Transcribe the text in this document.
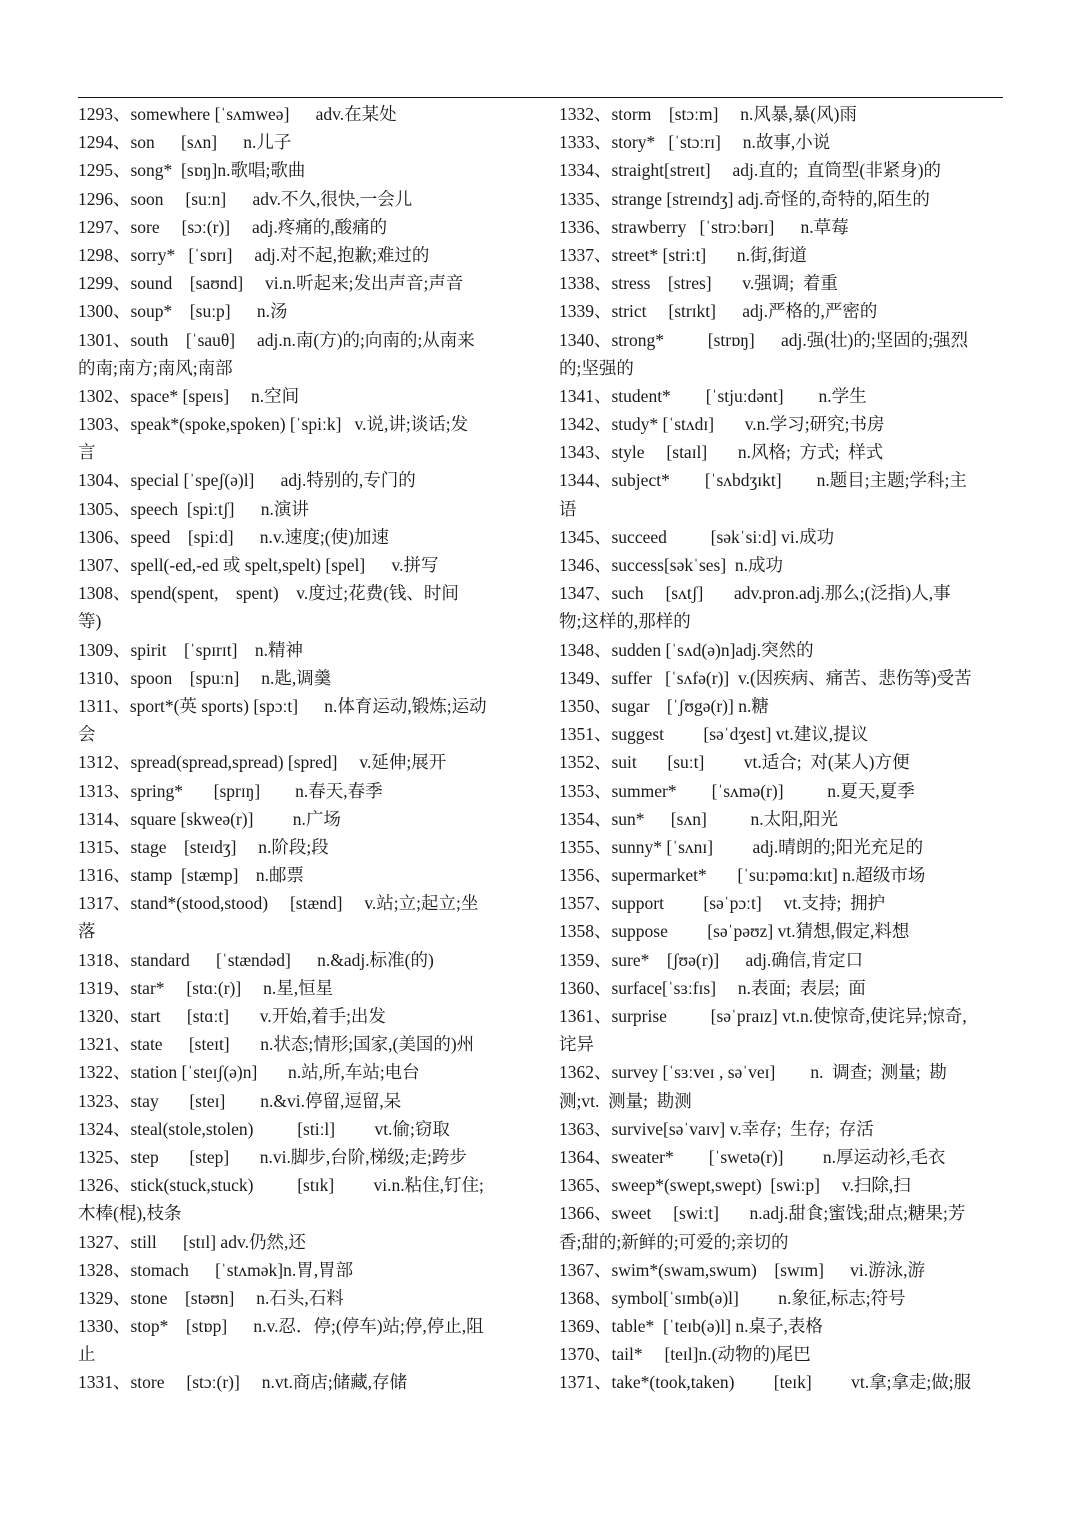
1293、somewhere [ˈsʌmweə]      adv.在某处
1294、son      [sʌn]      n.儿子
1295、song*  [sɒŋ]n.歌唱;歌曲
1296、soon     [suːn]      adv.不久,很快,一会儿
1297、sore     [sɔː(r)]     adj.疼痛的,酸痛的
1298、sorry*   [ˈsɒrɪ]     adj.对不起,抱歉;难过的
1299、sound    [saʊnd]     vi.n.听起来;发出声音;声音
1300、soup*    [suːp]      n.汤
1301、south    [ˈsauθ]     adj.n.南(方)的;向南的;从南来
的南;南方;南风;南部
1302、space* [speɪs]     n.空间
1303、speak*(spoke,spoken) [ˈspiːk]   v.说,讲;谈话;发
言
1304、special [ˈspeʃ(ə)l]      adj.特别的,专门的
1305、speech  [spiːtʃ]      n.演讲
1306、speed    [spiːd]      n.v.速度;(使)加速
1307、spell(-ed,-ed 或 spelt,spelt) [spel]      v.拼写
1308、spend(spent,    spent)    v.度过;花费(钱、时间
等)
1309、spirit    [ˈspɪrɪt]    n.精神
1310、spoon    [spuːn]     n.匙,调羹
1311、sport*(英 sports) [spɔːt]      n.体育运动,锻炼;运动
会
1312、spread(spread,spread) [spred]     v.延伸;展开
1313、spring*       [sprɪŋ]        n.春天,春季
1314、square [skweə(r)]         n.广场
1315、stage    [steɪdʒ]     n.阶段;段
1316、stamp  [stæmp]    n.邮票
1317、stand*(stood,stood)     [stænd]     v.站;立;起立;坐
落
1318、standard      [ˈstændəd]      n.&adj.标准(的)
1319、star*     [stɑː(r)]     n.星,恒星
1320、start      [stɑːt]       v.开始,着手;出发
1321、state      [steɪt]       n.状态;情形;国家,(美国的)州
1322、station [ˈsteɪʃ(ə)n]       n.站,所,车站;电台
1323、stay       [steɪ]        n.&vi.停留,逗留,呆
1324、steal(stole,stolen)          [stiːl]         vt.偷;窃取
1325、step       [step]       n.vi.脚步,台阶,梯级;走;跨步
1326、stick(stuck,stuck)          [stɪk]         vi.n.粘住,钉住;
木棒(棍),枝条
1327、still      [stɪl] adv.仍然,还
1328、stomach      [ˈstʌmək]n.胃,胃部
1329、stone    [stəʊn]     n.石头,石料
1330、stop*    [stɒp]      n.v.忍．停;(停车)站;停,停止,阻
止
1331、store     [stɔː(r)]     n.vt.商店;储藏,存储
1332、storm    [stɔːm]     n.风暴,暴(风)雨
1333、story*   [ˈstɔːrɪ]     n.故事,小说
1334、straight[streɪt]     adj.直的;  直筒型(非紧身)的
1335、strange [streɪndʒ] adj.奇怪的,奇特的,陌生的
1336、strawberry   [ˈstrɔːbərɪ]      n.草莓
1337、street* [striːt]       n.街,街道
1338、stress    [stres]       v.强调;  着重
1339、strict     [strɪkt]      adj.严格的,严密的
1340、strong*          [strɒŋ]      adj.强(壮)的;坚固的;强烈
的;坚强的
1341、student*        [ˈstjuːdənt]        n.学生
1342、study* [ˈstʌdɪ]       v.n.学习;研究;书房
1343、style     [staɪl]       n.风格;  方式;  样式
1344、subject*        [ˈsʌbdʒɪkt]        n.题目;主题;学科;主
语
1345、succeed          [səkˈsiːd] vi.成功
1346、success[səkˈses]  n.成功
1347、such     [sʌtʃ]       adv.pron.adj.那么;(泛指)人,事
物;这样的,那样的
1348、sudden [ˈsʌd(ə)n]adj.突然的
1349、suffer   [ˈsʌfə(r)]  v.(因疾病、痛苦、悲伤等)受苦
1350、sugar    [ˈʃʊgə(r)] n.糖
1351、suggest         [səˈdʒest] vt.建议,提议
1352、suit       [suːt]         vt.适合;  对(某人)方便
1353、summer*        [ˈsʌmə(r)]          n.夏天,夏季
1354、sun*      [sʌn]          n.太阳,阳光
1355、sunny* [ˈsʌnɪ]         adj.晴朗的;阳光充足的
1356、supermarket*       [ˈsuːpəmɑːkɪt] n.超级市场
1357、support         [səˈpɔːt]     vt.支持;  拥护
1358、suppose         [səˈpəʊz] vt.猜想,假定,料想
1359、sure*    [ʃʊə(r)]      adj.确信,肯定口
1360、surface[ˈsɜːfɪs]     n.表面;  表层;  面
1361、surprise          [səˈpraɪz] vt.n.使惊奇,使诧异;惊奇,
诧异
1362、survey [ˈsɜːveɪ , səˈveɪ]        n.  调查;  测量;  勘
测;vt.  测量;  勘测
1363、survive[səˈvaɪv] v.幸存;  生存;  存活
1364、sweater*        [ˈswetə(r)]         n.厚运动衫,毛衣
1365、sweep*(swept,swept)  [swiːp]     v.扫除,扫
1366、sweet     [swiːt]       n.adj.甜食;蜜饯;甜点;糖果;芳
香;甜的;新鲜的;可爱的;亲切的
1367、swim*(swam,swum)    [swɪm]      vi.游泳,游
1368、symbol[ˈsɪmb(ə)l]         n.象征,标志;符号
1369、table*  [ˈteɪb(ə)l] n.桌子,表格
1370、tail*     [teɪl]n.(动物的)尾巴
1371、take*(took,taken)         [teɪk]         vt.拿;拿走;做;服
